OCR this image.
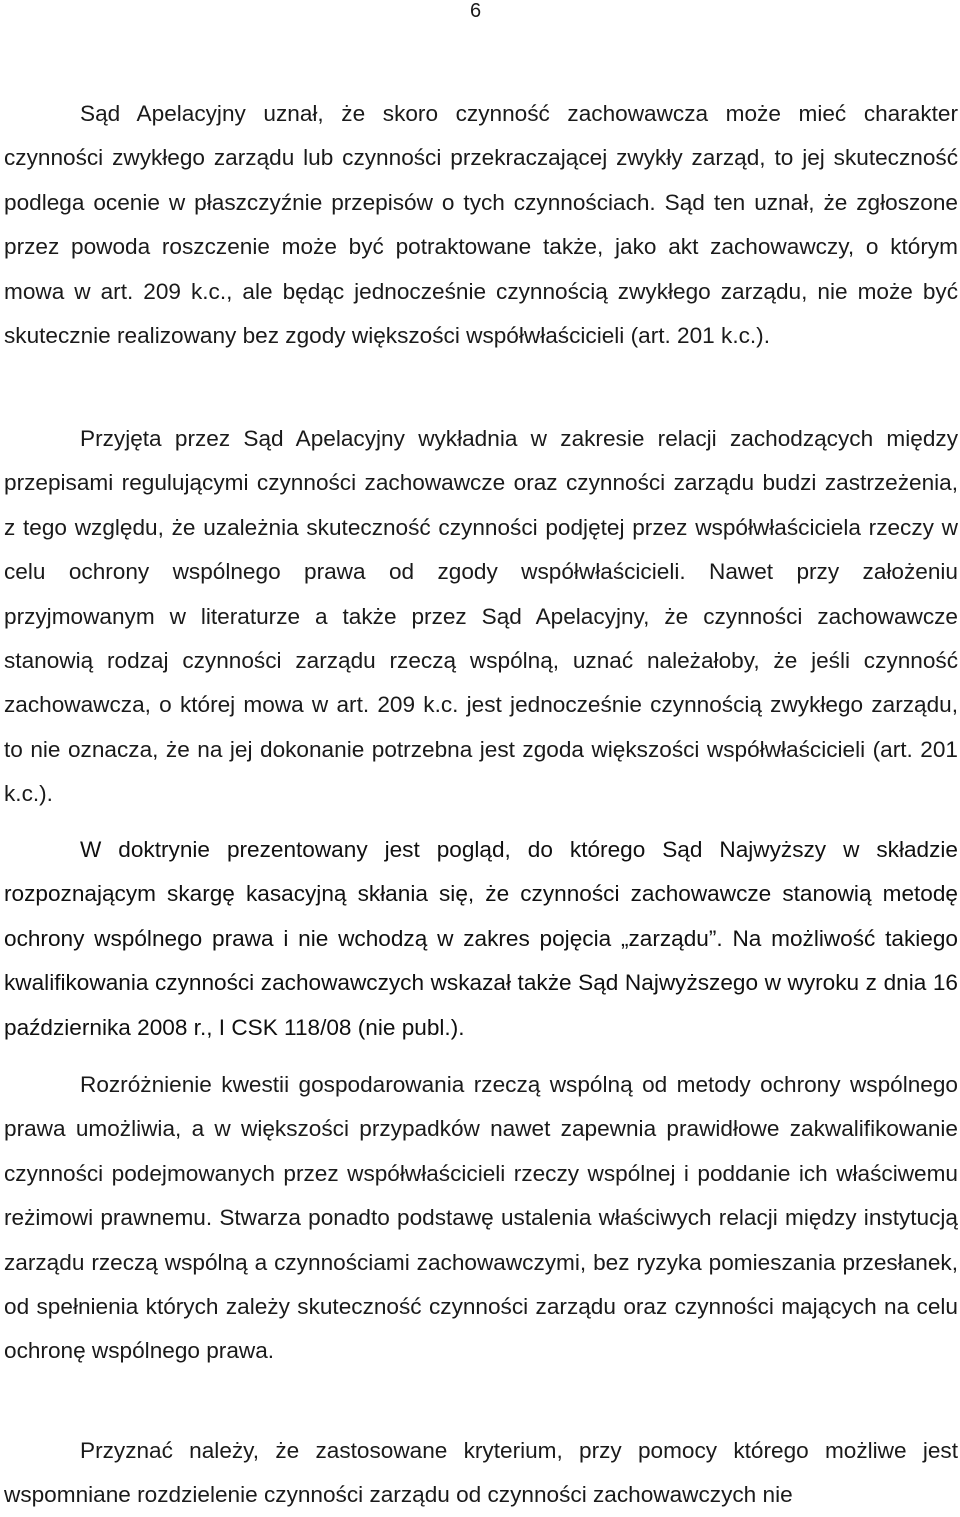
6

Sąd Apelacyjny uznał, że skoro czynność zachowawcza może mieć charakter czynności zwykłego zarządu lub czynności przekraczającej zwykły zarząd, to jej skuteczność podlega ocenie w płaszczyźnie przepisów o tych czynnościach. Sąd ten uznał, że zgłoszone przez powoda roszczenie może być potraktowane także, jako akt zachowawczy, o którym mowa w art. 209 k.c., ale będąc jednocześnie czynnością zwykłego zarządu, nie może być skutecznie realizowany bez zgody większości współwłaścicieli (art. 201 k.c.).

Przyjęta przez Sąd Apelacyjny wykładnia w zakresie relacji zachodzących między przepisami regulującymi czynności zachowawcze oraz czynności zarządu budzi zastrzeżenia, z tego względu, że uzależnia skuteczność czynności podjętej przez współwłaściciela rzeczy w celu ochrony wspólnego prawa od zgody współwłaścicieli. Nawet przy założeniu przyjmowanym w literaturze a także przez Sąd Apelacyjny, że czynności zachowawcze stanowią rodzaj czynności zarządu rzeczą wspólną, uznać należałoby, że jeśli czynność zachowawcza, o której mowa w art. 209 k.c. jest jednocześnie czynnością zwykłego zarządu, to nie oznacza, że na jej dokonanie potrzebna jest zgoda większości współwłaścicieli (art. 201 k.c.).

W doktrynie prezentowany jest pogląd, do którego Sąd Najwyższy w składzie rozpoznającym skargę kasacyjną skłania się, że czynności zachowawcze stanowią metodę ochrony wspólnego prawa i nie wchodzą w zakres pojęcia „zarządu”. Na możliwość takiego kwalifikowania czynności zachowawczych wskazał także Sąd Najwyższego w wyroku z dnia 16 października 2008 r., I CSK 118/08 (nie publ.).

Rozróżnienie kwestii gospodarowania rzeczą wspólną od metody ochrony wspólnego prawa umożliwia, a w większości przypadków nawet zapewnia prawidłowe zakwalifikowanie czynności podejmowanych przez współwłaścicieli rzeczy wspólnej i poddanie ich właściwemu reżimowi prawnemu. Stwarza ponadto podstawę ustalenia właściwych relacji między instytucją zarządu rzeczą wspólną a czynnościami zachowawczymi, bez ryzyka pomieszania przesłanek, od spełnienia których zależy skuteczność czynności zarządu oraz czynności mających na celu ochronę wspólnego prawa.

Przyznać należy, że zastosowane kryterium, przy pomocy którego możliwe jest wspomniane rozdzielenie czynności zarządu od czynności zachowawczych nie
